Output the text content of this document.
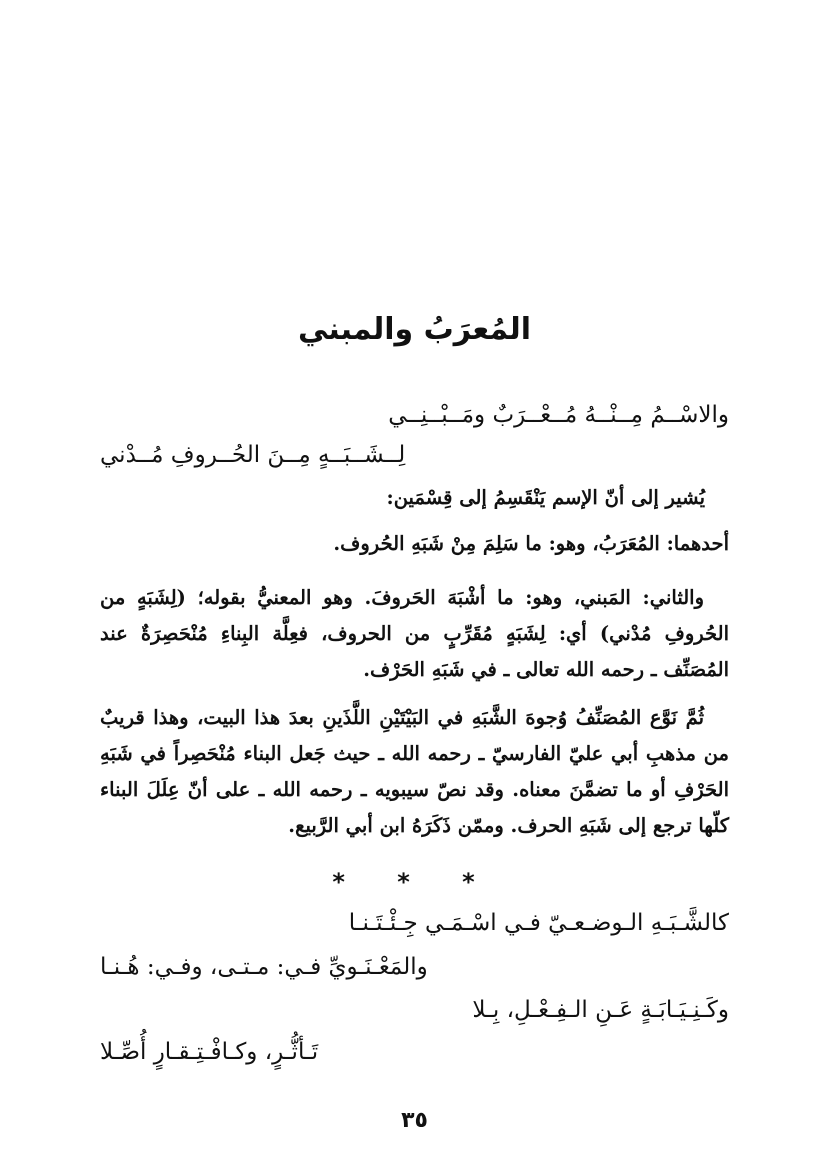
المُعرَبُ والمبني
والاسْــمُ مِــنْــهُ مُــعْــرَبٌ ومَــبْــنِــي
لِــشَــبَــهٍ مِــنَ الحُــروفِ مُــدْني
يُشير إلى أنّ الإسم يَنْقَسِمُ إلى قِسْمَين:
أحدهما: المُعَرَبُ، وهو: ما سَلِمَ مِنْ شَبَهِ الحُروف.
والثاني: المَبني، وهو: ما أشْبَهَ الحَروفَ. وهو المعنيُّ بقوله؛ (لِشَبَهٍ من الحُروفِ مُدْني) أي: لِشَبَهٍ مُقَرِّبٍ من الحروف، فعِلَّة البِناءِ مُنْحَصِرَةٌ عند المُصَنِّف ـ رحمه الله تعالى ـ في شَبَهِ الحَرْف.
ثُمَّ نَوَّع المُصَنِّفُ وُجوهَ الشَّبَهِ في البَيْتَيْنِ اللَّذَينِ بعدَ هذا البيت، وهذا قريبٌ من مذهبِ أبي عليّ الفارسيّ ـ رحمه الله ـ حيث جَعل البناء مُنْحَصِراً في شَبَهِ الحَرْفِ أو ما تضمَّنَ معناه. وقد نصّ سيبويه ـ رحمه الله ـ على أنّ عِلَلَ البناء كلّها ترجع إلى شَبَهِ الحرف. وممّن ذَكَرَهُ ابن أبي الرَّبيع.
* * *
كالشَّـبَـهِ الـوضـعـيّ فـي اسْـمَـي جِـئْـتَـنـا
والمَعْـنَـويِّ فـي: مـتـى، وفـي: هُـنـا
وكَـنِـيَـابَـةٍ عَـنِ الـفِـعْـلِ، بِـلا
تَـأثُّـرٍ، وكـافْـتِـقـارٍ أُصِّـلا
٣٥
